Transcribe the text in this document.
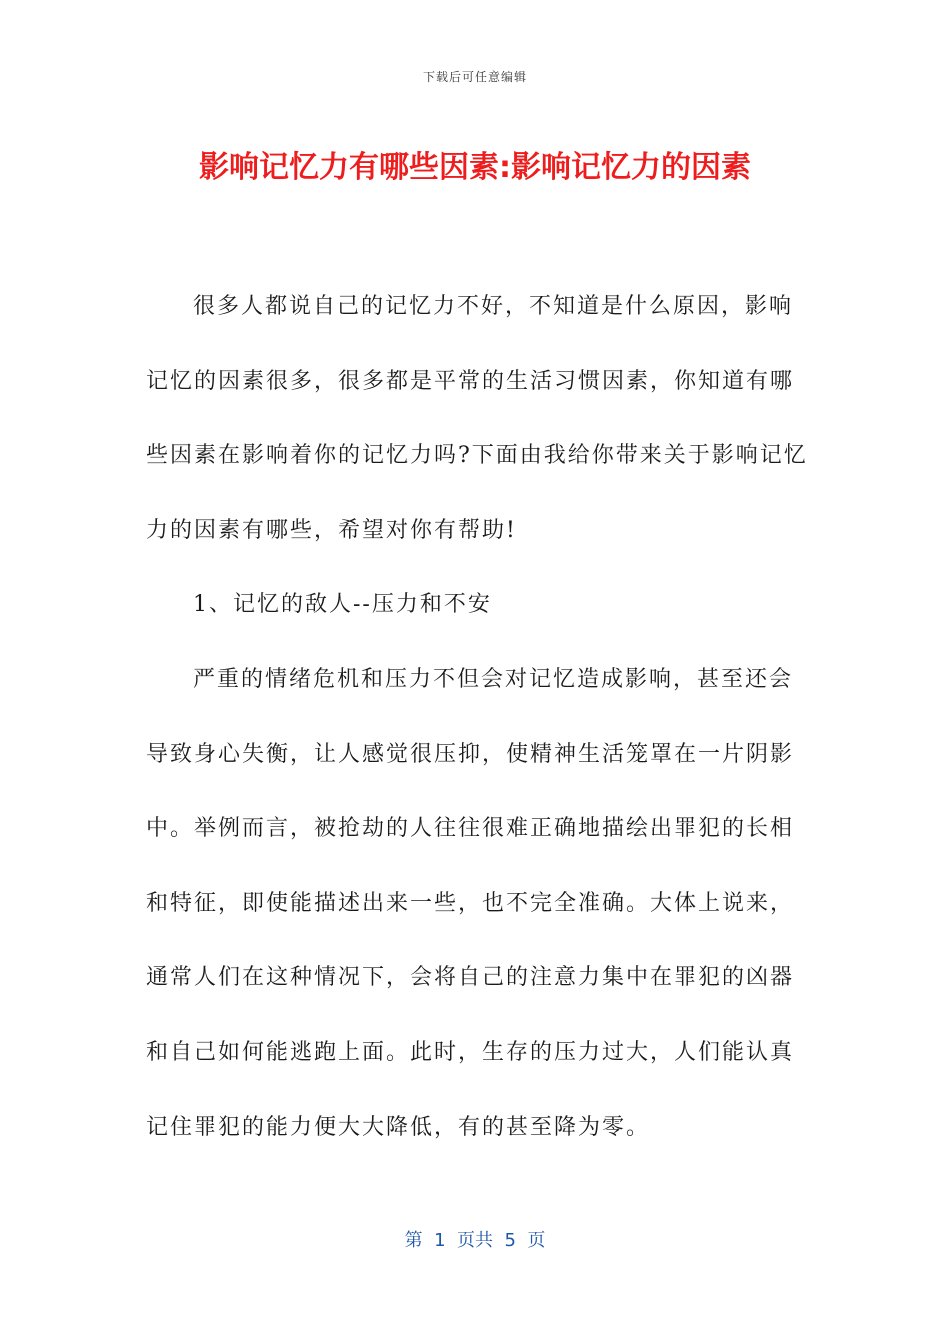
下载后可任意编辑
影响记忆力有哪些因素:影响记忆力的因素
很多人都说自己的记忆力不好，不知道是什么原因，影响
记忆的因素很多，很多都是平常的生活习惯因素，你知道有哪
些因素在影响着你的记忆力吗?下面由我给你带来关于影响记忆
力的因素有哪些，希望对你有帮助!
1、记忆的敌人--压力和不安
严重的情绪危机和压力不但会对记忆造成影响，甚至还会
导致身心失衡，让人感觉很压抑，使精神生活笼罩在一片阴影
中。举例而言，被抢劫的人往往很难正确地描绘出罪犯的长相
和特征，即使能描述出来一些，也不完全准确。大体上说来，
通常人们在这种情况下，会将自己的注意力集中在罪犯的凶器
和自己如何能逃跑上面。此时，生存的压力过大，人们能认真
记住罪犯的能力便大大降低，有的甚至降为零。
第  1  页共  5  页
